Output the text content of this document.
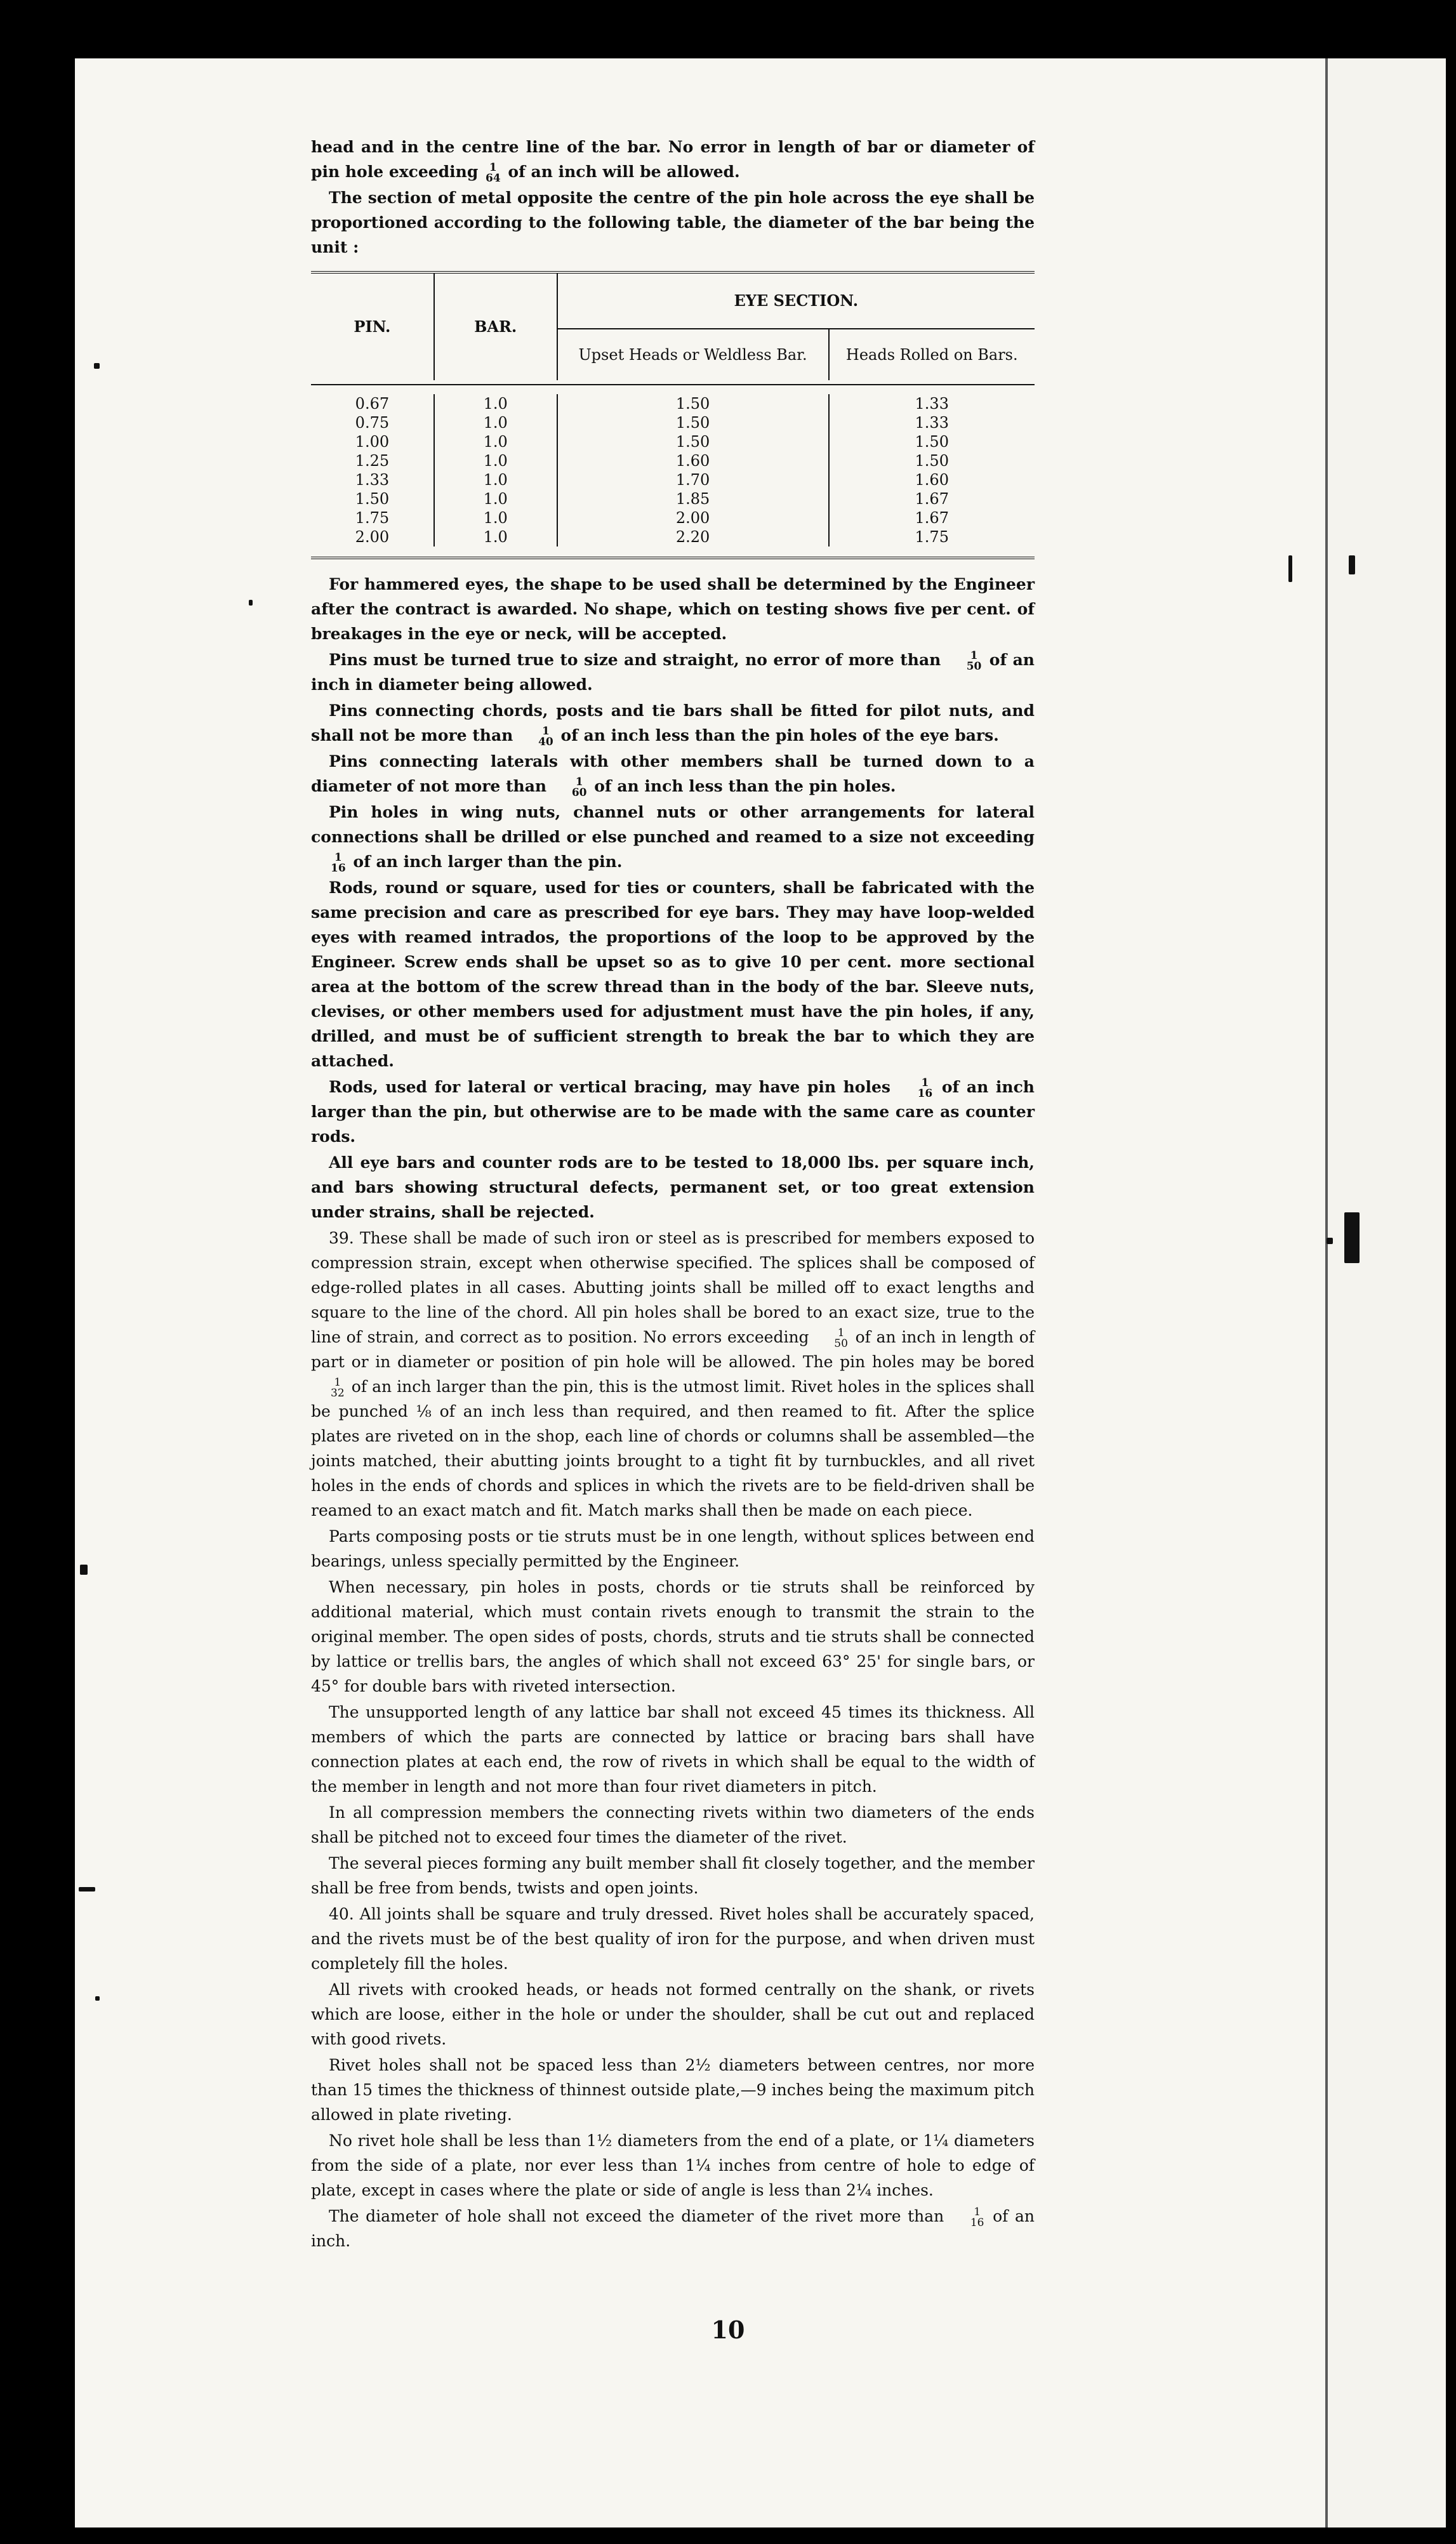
head and in the centre line of the bar. No error in length of bar or diameter of pin hole exceeding	1
64 of an inch will be allowed.

The section of metal opposite the centre of the pin hole across the eye shall be proportioned according to the following table, the diameter of the bar being the unit :

PIN.	BAR.	EYE SECTION.	
		Upset Heads or Weldless Bar.	Heads Rolled on Bars.

0.67	1.0	1.50	1.33
0.75	1.0	1.50	1.33
1.00	1.0	1.50	1.50
1.25	1.0	1.60	1.50
1.33	1.0	1.70	1.60
1.50	1.0	1.85	1.67
1.75	1.0	2.00	1.67
2.00	1.0	2.20	1.75

For hammered eyes, the shape to be used shall be determined by the Engineer after the contract is awarded. No shape, which on testing shows five per cent. of breakages in the eye or neck, will be accepted.

Pins must be turned true to size and straight, no error of more than	1
50 of an inch in diameter being allowed.

Pins connecting chords, posts and tie bars shall be fitted for pilot nuts, and shall not be more than	1
40 of an inch less than the pin holes of the eye bars.

Pins connecting laterals with other members shall be turned down to a diameter of not more than	1
60 of an inch less than the pin holes.

Pin holes in wing nuts, channel nuts or other arrangements for lateral connections shall be drilled or else punched and reamed to a size not exceeding
1
16 of an inch larger than the pin.

Rods, round or square, used for ties or counters, shall be fabricated with the same precision and care as prescribed for eye bars. They may have loop-welded eyes with reamed intrados, the proportions of the loop to be approved by the Engineer. Screw ends shall be upset so as to give 10 per cent. more sectional area at the bottom of the screw thread than in the body of the bar. Sleeve nuts, clevises, or other members used for adjustment must have the pin holes, if any, drilled, and must be of sufficient strength to break the bar to which they are attached.

Rods, used for lateral or vertical bracing, may have pin holes	1
16 of an inch larger than the pin, but otherwise are to be made with the same care as counter rods.

All eye bars and counter rods are to be tested to 18,000 lbs. per square inch, and bars showing structural defects, permanent set, or too great extension under strains, shall be rejected.

39. These shall be made of such iron or steel as is prescribed for members exposed to compression strain, except when otherwise specified. The splices shall be composed of edge-rolled plates in all cases. Abutting joints shall be milled off to exact lengths and square to the line of the chord. All pin holes shall be bored to an exact size, true to the line of strain, and correct as to position. No errors exceeding	1
50 of an inch in length of part or in diameter or position of pin hole will be allowed. The pin holes may be bored
1
32 of an inch larger than the pin, this is the utmost limit. Rivet holes in the splices shall be punched ⅛ of an inch less than required, and then reamed to fit. After the splice plates are riveted on in the shop, each line of chords or columns shall be assembled—the joints matched, their abutting joints brought to a tight fit by turnbuckles, and all rivet holes in the ends of chords and splices in which the rivets are to be field-driven shall be reamed to an exact match and fit. Match marks shall then be made on each piece.

Parts composing posts or tie struts must be in one length, without splices between end bearings, unless specially permitted by the Engineer.

When necessary, pin holes in posts, chords or tie struts shall be reinforced by additional material, which must contain rivets enough to transmit the strain to the original member. The open sides of posts, chords, struts and tie struts shall be connected by lattice or trellis bars, the angles of which shall not exceed 63° 25' for single bars, or 45° for double bars with riveted intersection.

The unsupported length of any lattice bar shall not exceed 45 times its thickness. All members of which the parts are connected by lattice or bracing bars shall have connection plates at each end, the row of rivets in which shall be equal to the width of the member in length and not more than four rivet diameters in pitch.

In all compression members the connecting rivets within two diameters of the ends shall be pitched not to exceed four times the diameter of the rivet.

The several pieces forming any built member shall fit closely together, and the member shall be free from bends, twists and open joints.

40. All joints shall be square and truly dressed. Rivet holes shall be accurately spaced, and the rivets must be of the best quality of iron for the purpose, and when driven must completely fill the holes.

All rivets with crooked heads, or heads not formed centrally on the shank, or rivets which are loose, either in the hole or under the shoulder, shall be cut out and replaced with good rivets.

Rivet holes shall not be spaced less than 2½ diameters between centres, nor more than 15 times the thickness of thinnest outside plate,—9 inches being the maximum pitch allowed in plate riveting.

No rivet hole shall be less than 1½ diameters from the end of a plate, or 1¼ diameters from the side of a plate, nor ever less than 1¼ inches from centre of hole to edge of plate, except in cases where the plate or side of angle is less than 2¼ inches.

The diameter of hole shall not exceed the diameter of the rivet more than	1
16 of an inch.

10
